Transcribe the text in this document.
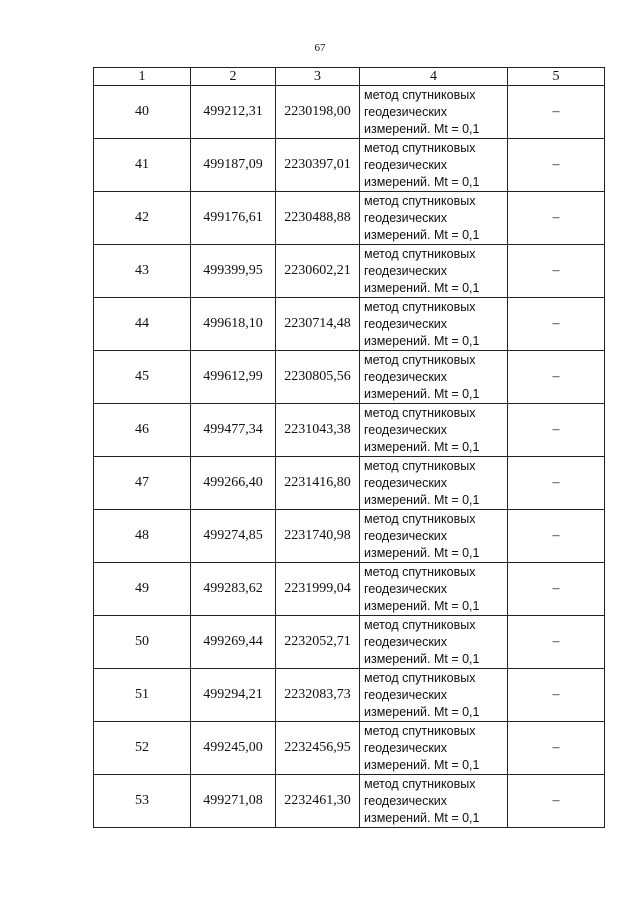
67
1	2	3	4	5
40	499212,31	2230198,00	метод спутниковых
геодезических
измерений. Mt = 0,1	–
41	499187,09	2230397,01	метод спутниковых
геодезических
измерений. Mt = 0,1	–
42	499176,61	2230488,88	метод спутниковых
геодезических
измерений. Mt = 0,1	–
43	499399,95	2230602,21	метод спутниковых
геодезических
измерений. Mt = 0,1	–
44	499618,10	2230714,48	метод спутниковых
геодезических
измерений. Mt = 0,1	–
45	499612,99	2230805,56	метод спутниковых
геодезических
измерений. Mt = 0,1	–
46	499477,34	2231043,38	метод спутниковых
геодезических
измерений. Mt = 0,1	–
47	499266,40	2231416,80	метод спутниковых
геодезических
измерений. Mt = 0,1	–
48	499274,85	2231740,98	метод спутниковых
геодезических
измерений. Mt = 0,1	–
49	499283,62	2231999,04	метод спутниковых
геодезических
измерений. Mt = 0,1	–
50	499269,44	2232052,71	метод спутниковых
геодезических
измерений. Mt = 0,1	–
51	499294,21	2232083,73	метод спутниковых
геодезических
измерений. Mt = 0,1	–
52	499245,00	2232456,95	метод спутниковых
геодезических
измерений. Mt = 0,1	–
53	499271,08	2232461,30	метод спутниковых
геодезических
измерений. Mt = 0,1	–
